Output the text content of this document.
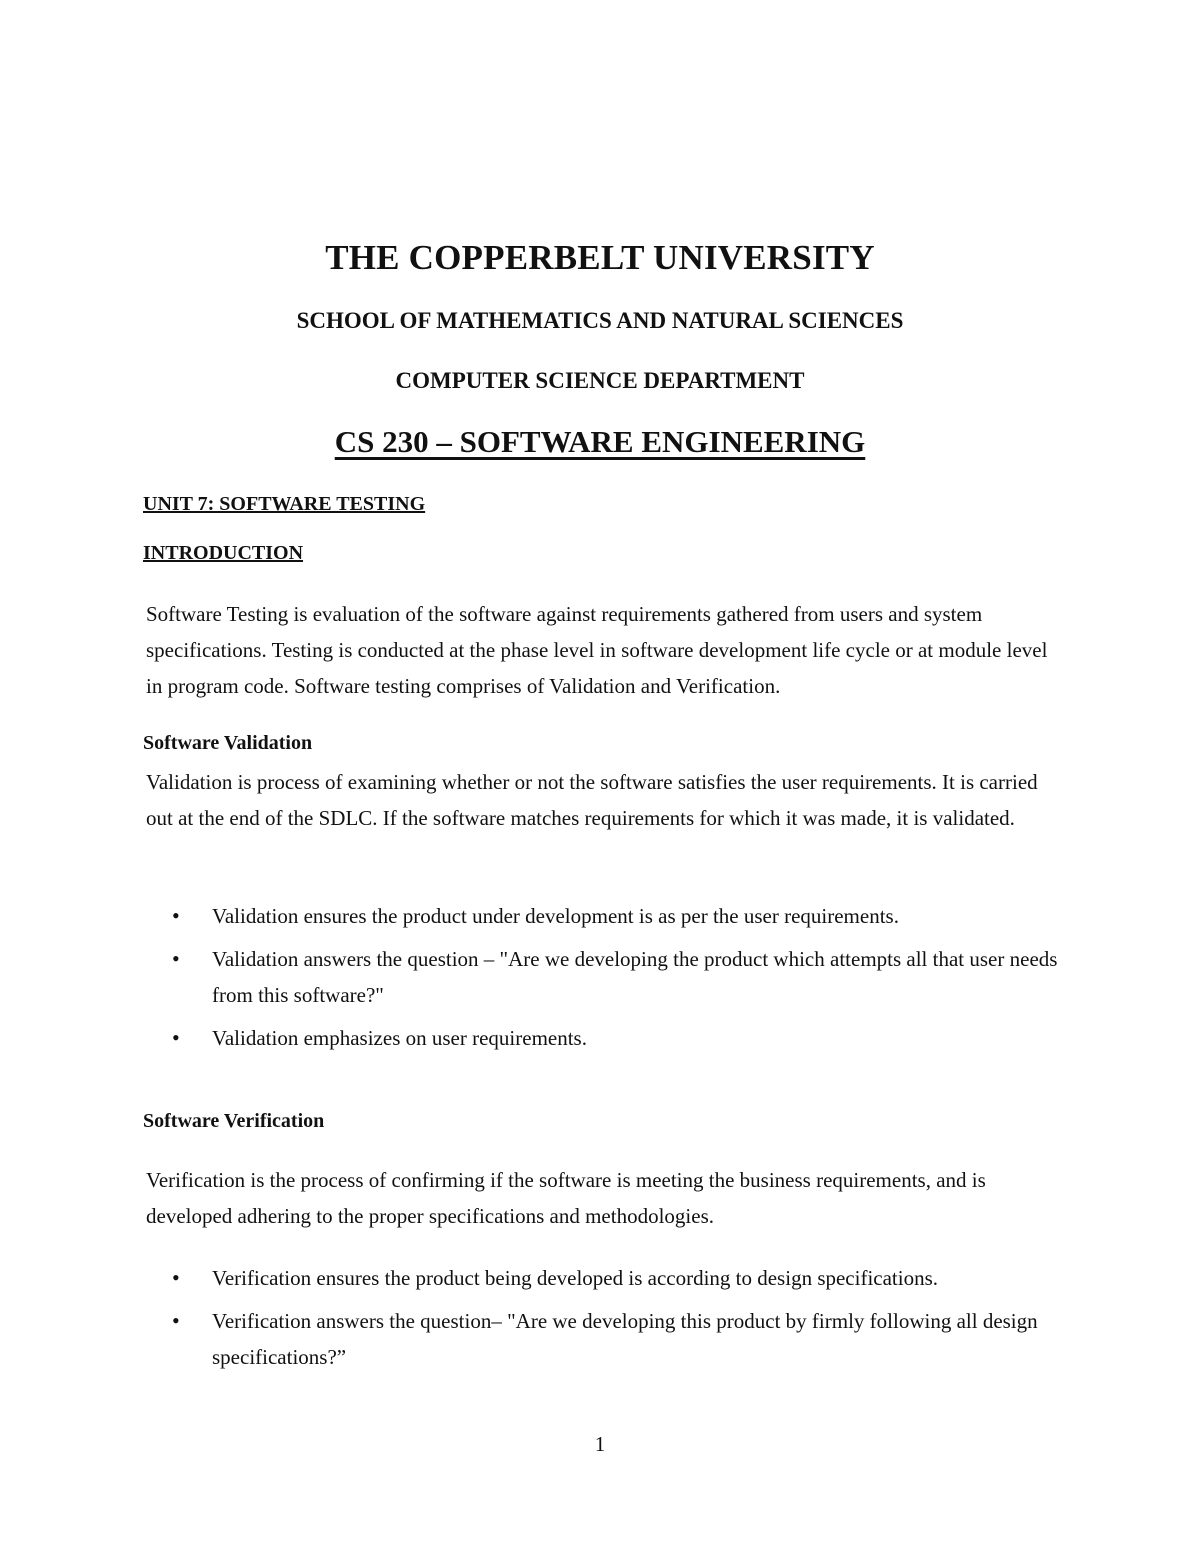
THE COPPERBELT UNIVERSITY
SCHOOL OF MATHEMATICS AND NATURAL SCIENCES
COMPUTER SCIENCE DEPARTMENT
CS 230 – SOFTWARE ENGINEERING
UNIT 7: SOFTWARE TESTING
INTRODUCTION

Software Testing is evaluation of the software against requirements gathered from users and system specifications. Testing is conducted at the phase level in software development life cycle or at module level in program code. Software testing comprises of Validation and Verification.

Software Validation

Validation is process of examining whether or not the software satisfies the user requirements. It is carried out at the end of the SDLC. If the software matches requirements for which it was made, it is validated.

• Validation ensures the product under development is as per the user requirements.
• Validation answers the question – "Are we developing the product which attempts all that user needs from this software?"
• Validation emphasizes on user requirements.
Software Verification

Verification is the process of confirming if the software is meeting the business requirements, and is developed adhering to the proper specifications and methodologies.

• Verification ensures the product being developed is according to design specifications.
• Verification answers the question– "Are we developing this product by firmly following all design specifications?”
1
